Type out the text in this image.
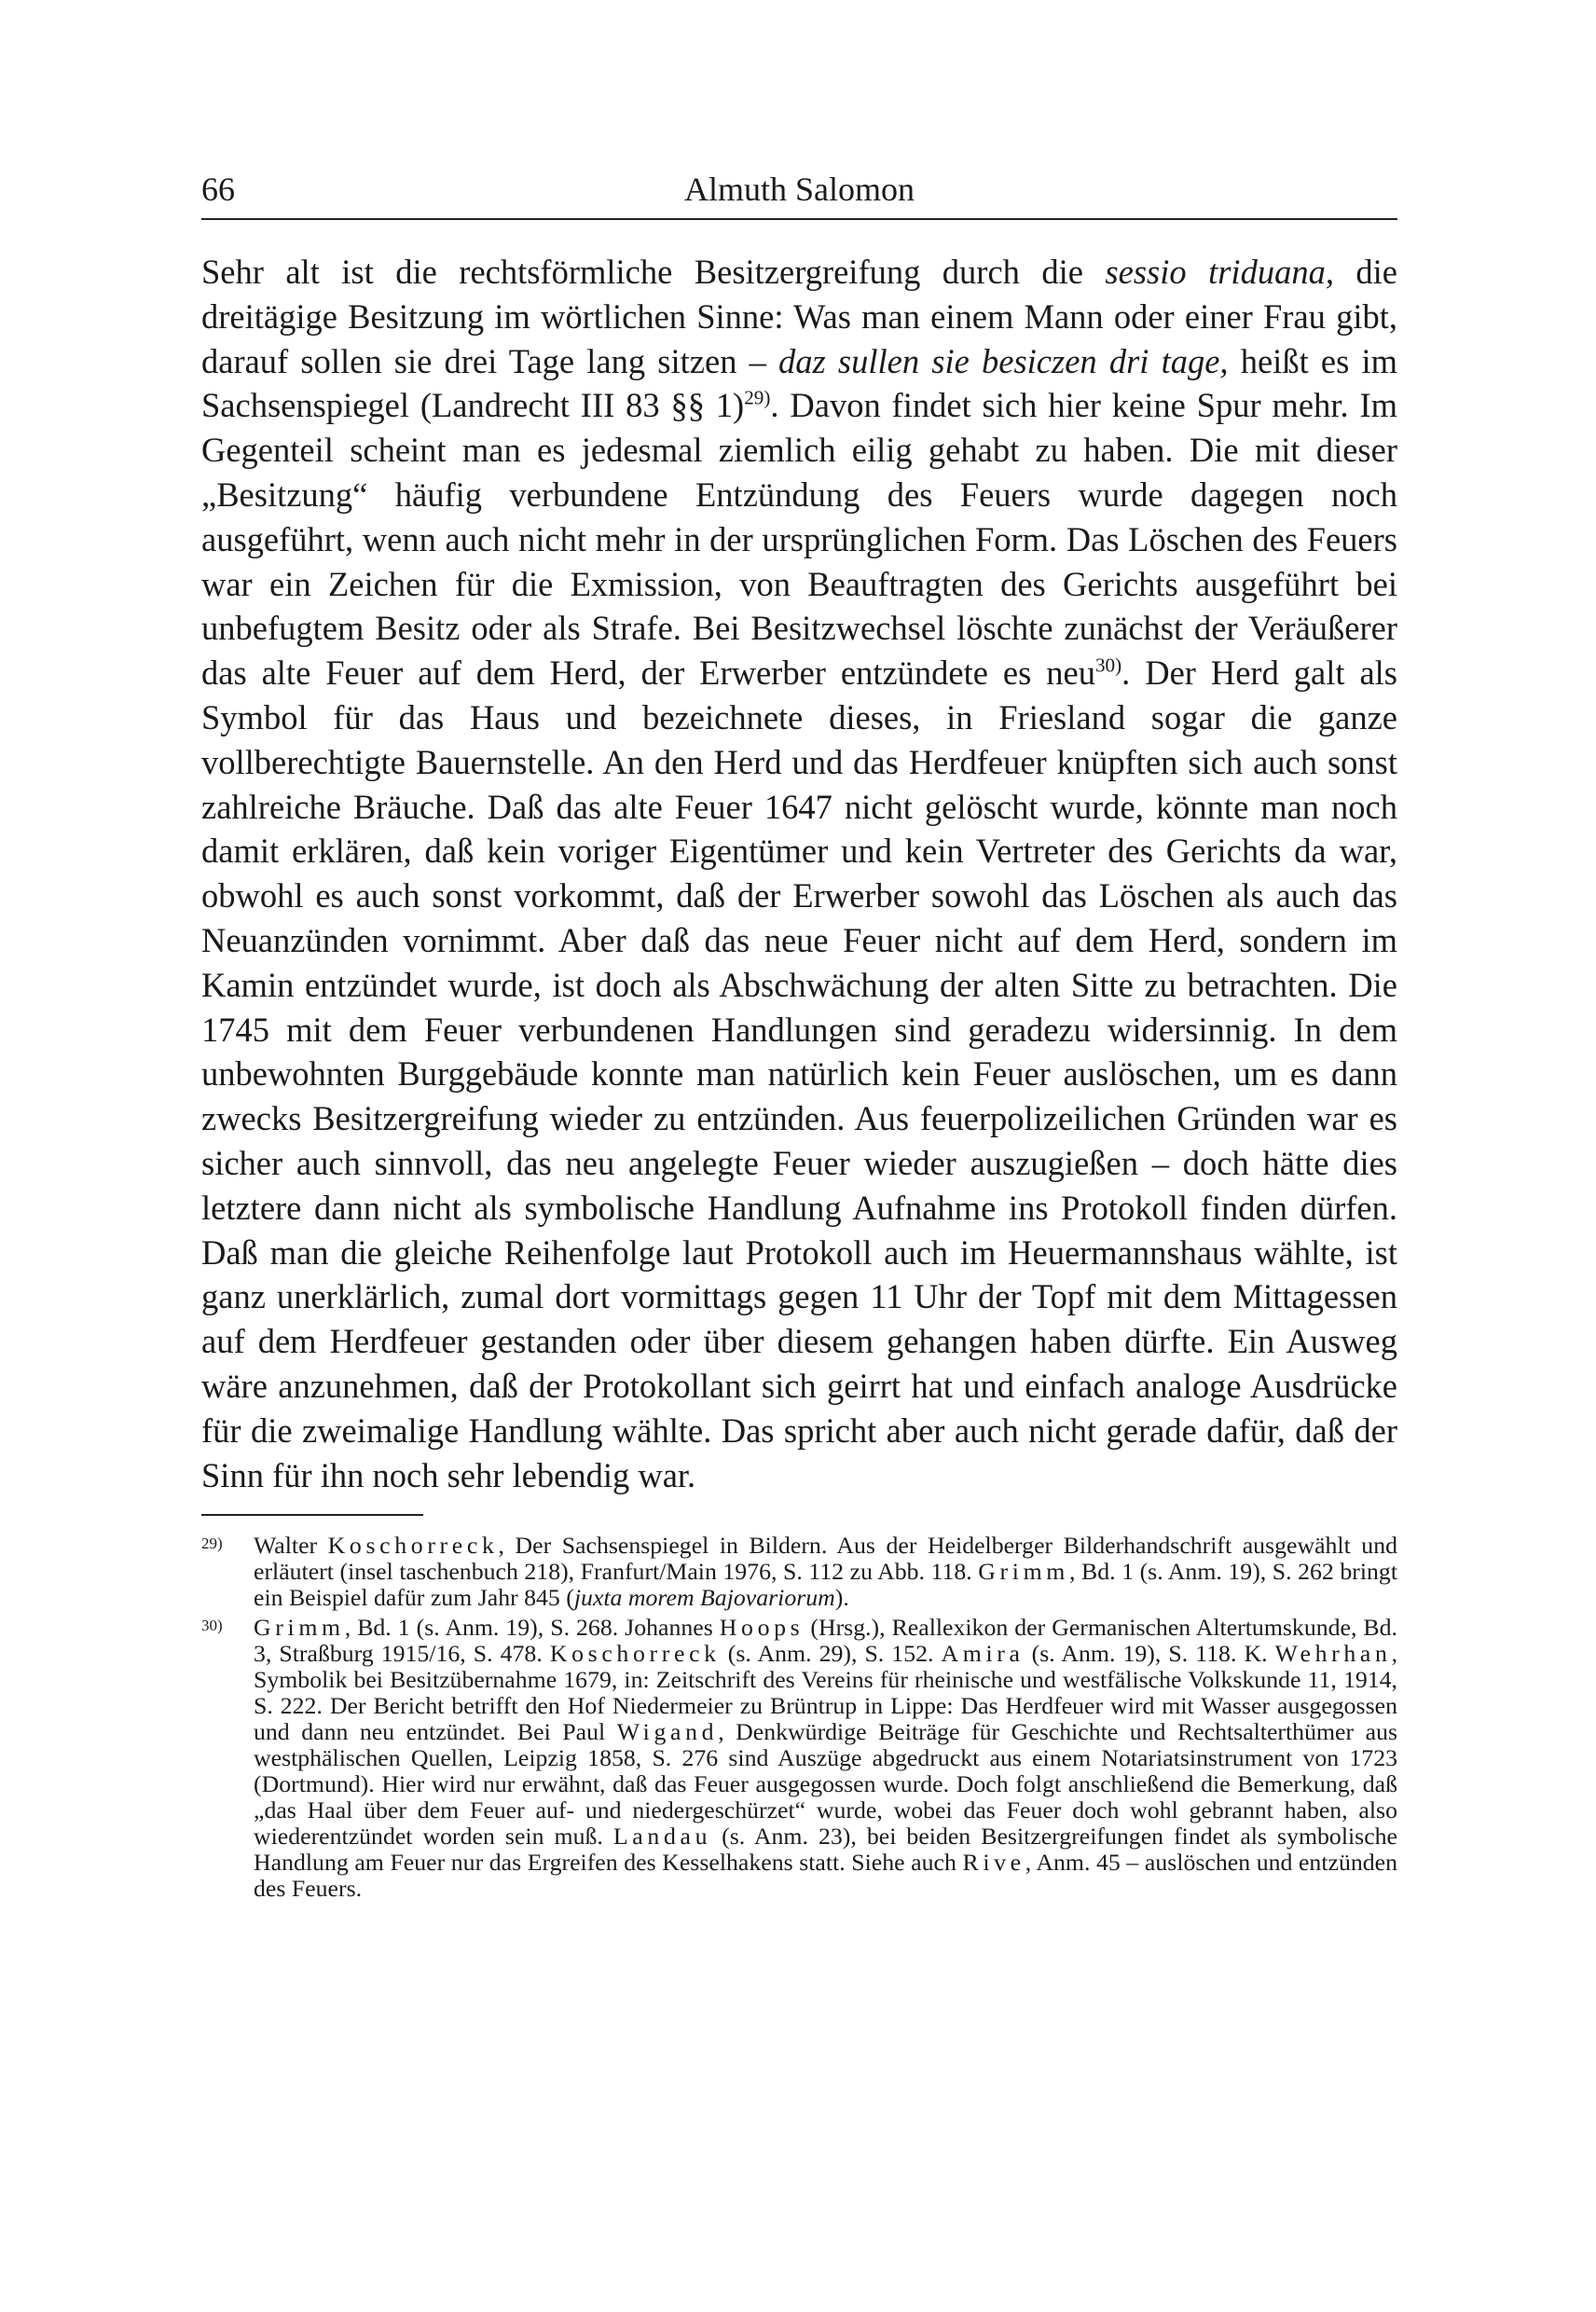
66	Almuth Salomon

Sehr alt ist die rechtsförmliche Besitzergreifung durch die sessio triduana, die dreitägige Besitzung im wörtlichen Sinne: Was man einem Mann oder einer Frau gibt, darauf sollen sie drei Tage lang sitzen – daz sullen sie besiczen dri tage, heißt es im Sachsenspiegel (Landrecht III 83 §§ 1)$^{29)}$. Davon findet sich hier keine Spur mehr. Im Gegenteil scheint man es jedesmal ziemlich eilig gehabt zu haben. Die mit dieser „Besitzung“ häufig verbundene Entzündung des Feuers wurde dagegen noch ausgeführt, wenn auch nicht mehr in der ursprünglichen Form. Das Löschen des Feuers war ein Zeichen für die Exmission, von Beauftragten des Gerichts ausgeführt bei unbefugtem Besitz oder als Strafe. Bei Besitzwechsel löschte zunächst der Veräußerer das alte Feuer auf dem Herd, der Erwerber entzündete es neu$^{30)}$. Der Herd galt als Symbol für das Haus und bezeichnete dieses, in Friesland sogar die ganze vollberechtigte Bauernstelle. An den Herd und das Herdfeuer knüpften sich auch sonst zahlreiche Bräuche. Daß das alte Feuer 1647 nicht gelöscht wurde, könnte man noch damit erklären, daß kein voriger Eigentümer und kein Vertreter des Gerichts da war, obwohl es auch sonst vorkommt, daß der Erwerber sowohl das Löschen als auch das Neuanzünden vornimmt. Aber daß das neue Feuer nicht auf dem Herd, sondern im Kamin entzündet wurde, ist doch als Abschwächung der alten Sitte zu betrachten. Die 1745 mit dem Feuer verbundenen Handlungen sind geradezu widersinnig. In dem unbewohnten Burggebäude konnte man natürlich kein Feuer auslöschen, um es dann zwecks Besitzergreifung wieder zu entzünden. Aus feuerpolizeilichen Gründen war es sicher auch sinnvoll, das neu angelegte Feuer wieder auszugießen – doch hätte dies letztere dann nicht als symbolische Handlung Aufnahme ins Protokoll finden dürfen. Daß man die gleiche Reihenfolge laut Protokoll auch im Heuermannshaus wählte, ist ganz unerklärlich, zumal dort vormittags gegen 11 Uhr der Topf mit dem Mittagessen auf dem Herdfeuer gestanden oder über diesem gehangen haben dürfte. Ein Ausweg wäre anzunehmen, daß der Protokollant sich geirrt hat und einfach analoge Ausdrücke für die zweimalige Handlung wählte. Das spricht aber auch nicht gerade dafür, daß der Sinn für ihn noch sehr lebendig war.

29) Walter Koschorreck, Der Sachsenspiegel in Bildern. Aus der Heidelberger Bilderhandschrift ausgewählt und erläutert (insel taschenbuch 218), Franfurt/Main 1976, S. 112 zu Abb. 118. Grimm, Bd. 1 (s. Anm. 19), S. 262 bringt ein Beispiel dafür zum Jahr 845 (juxta morem Bajovariorum).

30) Grimm, Bd. 1 (s. Anm. 19), S. 268. Johannes Hoops (Hrsg.), Reallexikon der Germanischen Altertumskunde, Bd. 3, Straßburg 1915/16, S. 478. Koschorreck (s. Anm. 29), S. 152. Amira (s. Anm. 19), S. 118. K. Wehrhan, Symbolik bei Besitzübernahme 1679, in: Zeitschrift des Vereins für rheinische und westfälische Volkskunde 11, 1914, S. 222. Der Bericht betrifft den Hof Niedermeier zu Brüntrup in Lippe: Das Herdfeuer wird mit Wasser ausgegossen und dann neu entzündet. Bei Paul Wigand, Denkwürdige Beiträge für Geschichte und Rechtsalterthümer aus westphälischen Quellen, Leipzig 1858, S. 276 sind Auszüge abgedruckt aus einem Notariatsinstrument von 1723 (Dortmund). Hier wird nur erwähnt, daß das Feuer ausgegossen wurde. Doch folgt anschließend die Bemerkung, daß „das Haal über dem Feuer auf- und niedergeschürzet“ wurde, wobei das Feuer doch wohl gebrannt haben, also wiederentzündet worden sein muß. Landau (s. Anm. 23), bei beiden Besitzergreifungen findet als symbolische Handlung am Feuer nur das Ergreifen des Kesselhakens statt. Siehe auch Rive, Anm. 45 – auslöschen und entzünden des Feuers.
